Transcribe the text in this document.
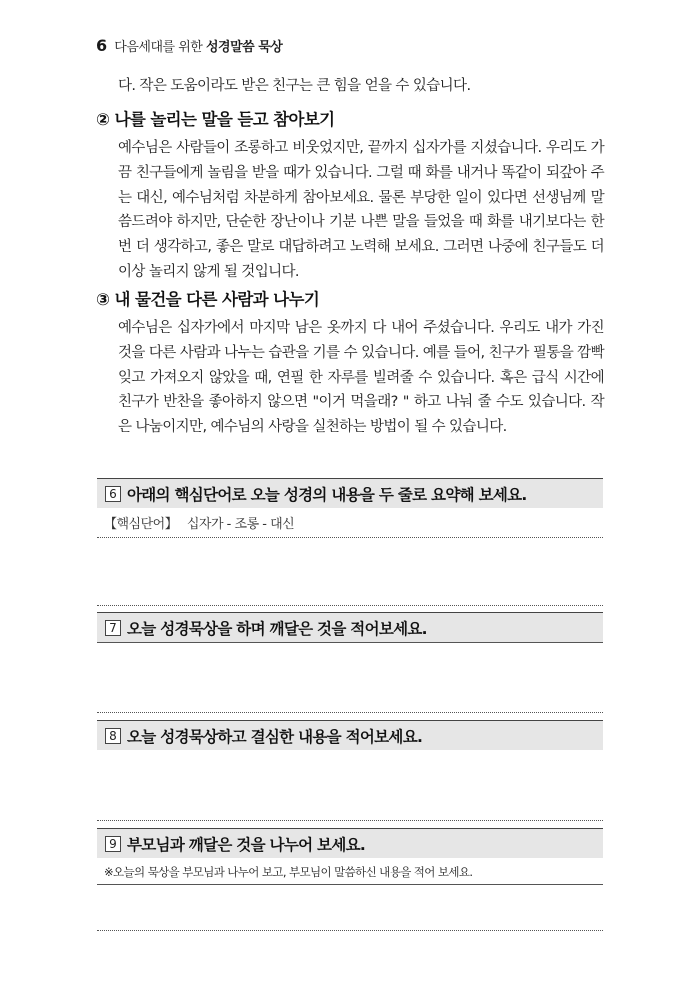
6 다음세대를 위한 성경말씀 묵상
다. 작은 도움이라도 받은 친구는 큰 힘을 얻을 수 있습니다.
② 나를 놀리는 말을 듣고 참아보기
예수님은 사람들이 조롱하고 비웃었지만, 끝까지 십자가를 지셨습니다. 우리도 가끔 친구들에게 놀림을 받을 때가 있습니다. 그럴 때 화를 내거나 똑같이 되갚아 주는 대신, 예수님처럼 차분하게 참아보세요. 물론 부당한 일이 있다면 선생님께 말씀드려야 하지만, 단순한 장난이나 기분 나쁜 말을 들었을 때 화를 내기보다는 한 번 더 생각하고, 좋은 말로 대답하려고 노력해 보세요. 그러면 나중에 친구들도 더 이상 놀리지 않게 될 것입니다.
③ 내 물건을 다른 사람과 나누기
예수님은 십자가에서 마지막 남은 옷까지 다 내어 주셨습니다. 우리도 내가 가진 것을 다른 사람과 나누는 습관을 기를 수 있습니다. 예를 들어, 친구가 필통을 깜빡 잊고 가져오지 않았을 때, 연필 한 자루를 빌려줄 수 있습니다. 혹은 급식 시간에 친구가 반찬을 좋아하지 않으면 "이거 먹을래? " 하고 나눠 줄 수도 있습니다. 작은 나눔이지만, 예수님의 사랑을 실천하는 방법이 될 수 있습니다.
6 아래의 핵심단어로 오늘 성경의 내용을 두 줄로 요약해 보세요.
【핵심단어】 십자가 - 조롱 - 대신
7 오늘 성경묵상을 하며 깨달은 것을 적어보세요.
8 오늘 성경묵상하고 결심한 내용을 적어보세요.
9 부모님과 깨달은 것을 나누어 보세요.
※오늘의 묵상을 부모님과 나누어 보고, 부모님이 말씀하신 내용을 적어 보세요.
